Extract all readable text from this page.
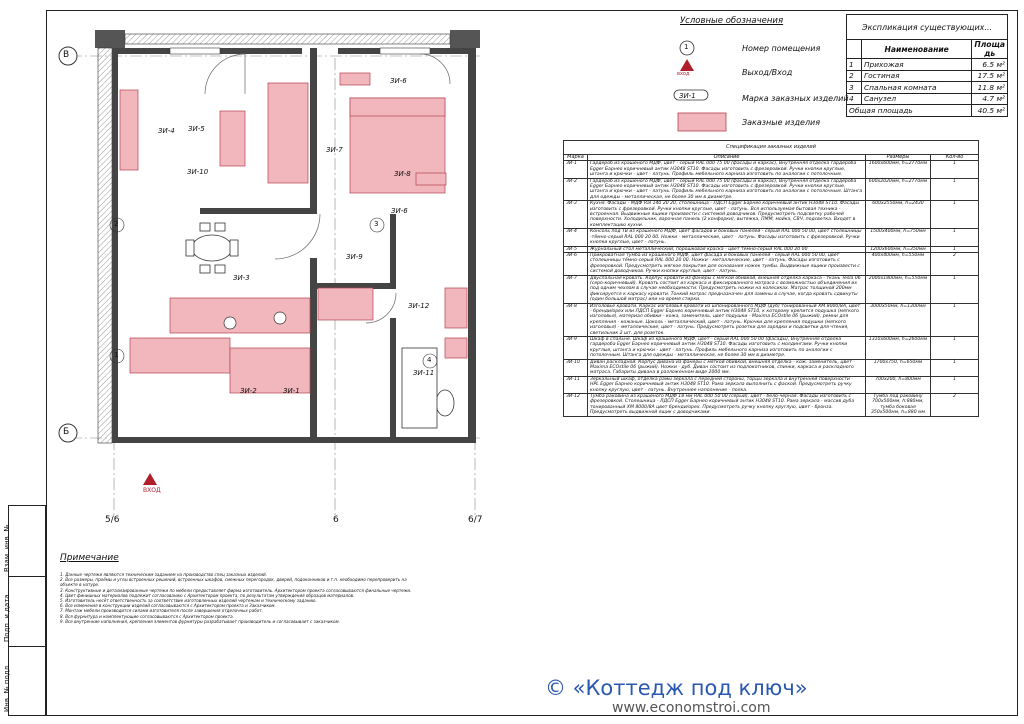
Взам. инв. №
Подп. и дата
Инв. № подл.
В
Б
5/6	6	6/7
1
2	3
4
ВХОД
ЗИ-1
ЗИ-2
ЗИ-3
ЗИ-4 ЗИ-5
ЗИ-6
ЗИ-6
ЗИ-7
ЗИ-8
ЗИ-9
ЗИ-10
ЗИ-11
ЗИ-12
Условные обозначения
1
вход
ЗИ-1
Номер помещения
Выход/Вход
Марка заказных изделий
Заказные изделия
Экспликация существующих...		
	Наименование	Площа дь
1	Прихожая	6.5 м²
2	Гостиная	17.5 м²
3	Спальная комната	11.8 м²
4	Санузел	4.7 м²
Общая площадь		40.5 м²
Спецификация заказных изделий			
Марка	Описание	Размеры	Кол-во
ЗИ-1	Гардероб из крашеного МДФ, цвет - серый RAL 000 75 00 (фасады и каркас), Внутренняя отделка гардероба Egger Барнео коричневый антик H3048 ST10. Фасады изготовить с фрезеровкой. Ручки кнопки круглые, штанга и крючки - цвет - латунь. Профиль мебельного карниза изготовить по аналогии с потолочным.	1600х600мм, h=2770мм	1
ЗИ-2	Гардероб из крашеного МДФ, цвет - серый RAL 000 75 00 (фасады и каркас), Внутренняя отделка гардероба Egger Барнео коричневый антик H3048 ST10. Фасады изготовить с фрезеровкой. Ручки кнопки круглые, штанга и крючки - цвет - латунь. Профиль мебельного карниза изготовить по аналогии с потолочным. Штанга для одежды - металлическая, не более 30 мм в диаметре.	600х2020мм, h=2770мм	1
ЗИ-3	Кухня. Фасады - МДФ Ral 140 20 20, столешница - ЛДСП Egger Барнео коричневый антик H3048 ST10. Фасады изготовить с фрезеровкой. Ручки кнопки круглые, цвет - латунь. Вся используемая бытовая техника - встроенная. Выдвижные ящики произвести с системой доводчиков. Предусмотреть подсветку рабочей поверхности. Холодильник, варочная панель (2 конфорки), вытяжка, ПММ, мойка, СВЧ, подсветка. Входят в комплектацию кухни.	600х2550мм, h=2430	1
ЗИ-4	Консоль под ТВ из крашеного МДФ, цвет фасадов и боковых панелей - серый RAL 000 50 00, цвет столешницы -тёмно-серый RAL 000 20 00. Ножки - металлические, цвет - латунь. Фасады изготовить с фрезеровкой. Ручки кнопки круглые, цвет - латунь.	1500х400мм, h=750мм	1
ЗИ-5	Журнальный стол металлический, порошковая краска - цвет тёмно-серый RAL 000 20 00	1200х600мм, h=350мм	1
ЗИ-6	Прикроватная тумба из крашеного МДФ, цвет фасада и боковых панелей - серый RAL 000 50 00, цвет столешницы тёмно-серый RAL 000 20 00. Ножки - металлические, цвет - латунь. Фасады изготовить с фрезеровкой. Предусмотреть мягкое покрытие для основания ножек тумбы. Выдвижные ящики произвести с системой доводчиков. Ручки кнопки круглые, цвет - латунь.	400х400мм, h=550мм	2
ЗИ-7	Двуспальная кровать. Корпус кровати из фанеры с мягкой обивкой, внешняя отделка каркаса - ткань Tesla 06 (серо-коричневый). Кровать состоит из каркаса и фиксированного матраса с возможностью объединения их под одним чехлом в случае необходимости. Предусмотреть ножки на колесиках. Матрас толщиной 200мм фиксируется к каркасу кровати. Тонкий матрас предназначен для замены в случае, когда кровать сдвинуты (один большой матрас) или на время стирки.	2000х1800мм, h=550мм	1
ЗИ-8	Изголовье кровати. Каркас изголовья кровати из шпонированного МДФ (дуб) тонированный ХМ 8000/8А, цвет - бренди/орех или ЛДСП Egger Барнео коричневый антик H3048 ST10, к которому крепится подушка (мягкого изголовья), материал обивки - кожа, заменитель, цвет подушки - Maxima ECOstile 06 (рыжий), ремни для крепления - кожаные. Цоколь - металлический, цвет - латунь. Крючки для крепления подушки (мягкого изголовья) - металлические, цвет - латунь. Предусмотреть розетки для зарядки и подсветки для чтения, светильник 2 шт. для розеток.	3000х50мм, h=1300мм	1
ЗИ-9	Шкаф в спальне. Шкаф из крашеного МДФ, цвет - серый RAL 000 50 00 (фасады), Внутренняя отделка гардероба Egger Барнео коричневый антик H3048 ST10. Фасады изготовить с молдингами. Ручки кнопки круглые, штанга и крючки - цвет - латунь. Профиль мебельного карниза изготовить по аналогии с потолочным. Штанга для одежды - металлическая, не более 30 мм в диаметре.	1310х600мм, h=2600мм	1
ЗИ-10	Диван раскладной. Корпус дивана из фанеры с мягкой обивкой, внешняя отделка - кож. заменитель, цвет - Maxima ECOstile 06 (рыжий). Ножки - дуб. Диван состоит из подлокотников, спинки, каркаса и раскладного матраса. Габариты дивана в разложенном виде 2000 мм.	1700х750, h=650мм	1
ЗИ-11	Зеркальный шкаф, отделка рамы зеркала с передней стороны, торцы зеркала и внутренней поверхности - HPL Egger Барнео коричневый антик H3048 ST10. Рама зеркала выполнить с фаской. Предусмотреть ручку кнопку круглую, цвет - латунь. Внутреннее наполнение - полка.	700х200, h=800мм	1
ЗИ-12	Тумба раковина из крашеного МДФ 18 мм RAL 000 50 00 (серый), цвет - бело-черная. Фасады изготовить с фрезеровкой. Столешница - ЛДСП Egger Барнео коричневый антик H3048 ST10. Рама зеркала - массив дуба тонированный ХМ 8000/8А цвет бренди/орех. Предусмотреть ручку кнопку круглую, цвет - бронза. Предусмотреть выдвижной ящик с доводчиками.	Тумба под раковину 700х500мм, h:880мм, тумба боковая 350х500мм, h=880 мм	2
Примечание
1. Данные чертежи являются техническим заданием на производство спец заказных изделий.
2. Все размеры, проёмы и углы встроенных решений, встроенных шкафов, смежных перегородок, дверей, подоконников и т.п. необходимо перепроверить на объекте в натуре.
3. Конструктивные и детализированные чертежи по мебели предоставляет фирма изготовитель. Архитектором проекта согласовываются финальные чертежи.
4. Цвет финишных материалов подлежит согласованию с Архитектором проекта, по результатам утверждения образцов материалов.
5. Изготовитель несёт ответственность за соответствие изготовленных изделий чертежам и техническому заданию.
6. Все изменения в конструкции изделий согласовываются с Архитектором проекта и Заказчиком.
7. Монтаж мебели производится силами изготовителя после завершения отделочных работ.
8. Вся фурнитура и комплектующие согласовываются с Архитектором проекта.
9. Все внутренние наполнения, крепления элементов фурнитуры разрабатывает производитель и согласовывает с заказчиком.
© «Коттедж под ключ»
www.economstroi.com
